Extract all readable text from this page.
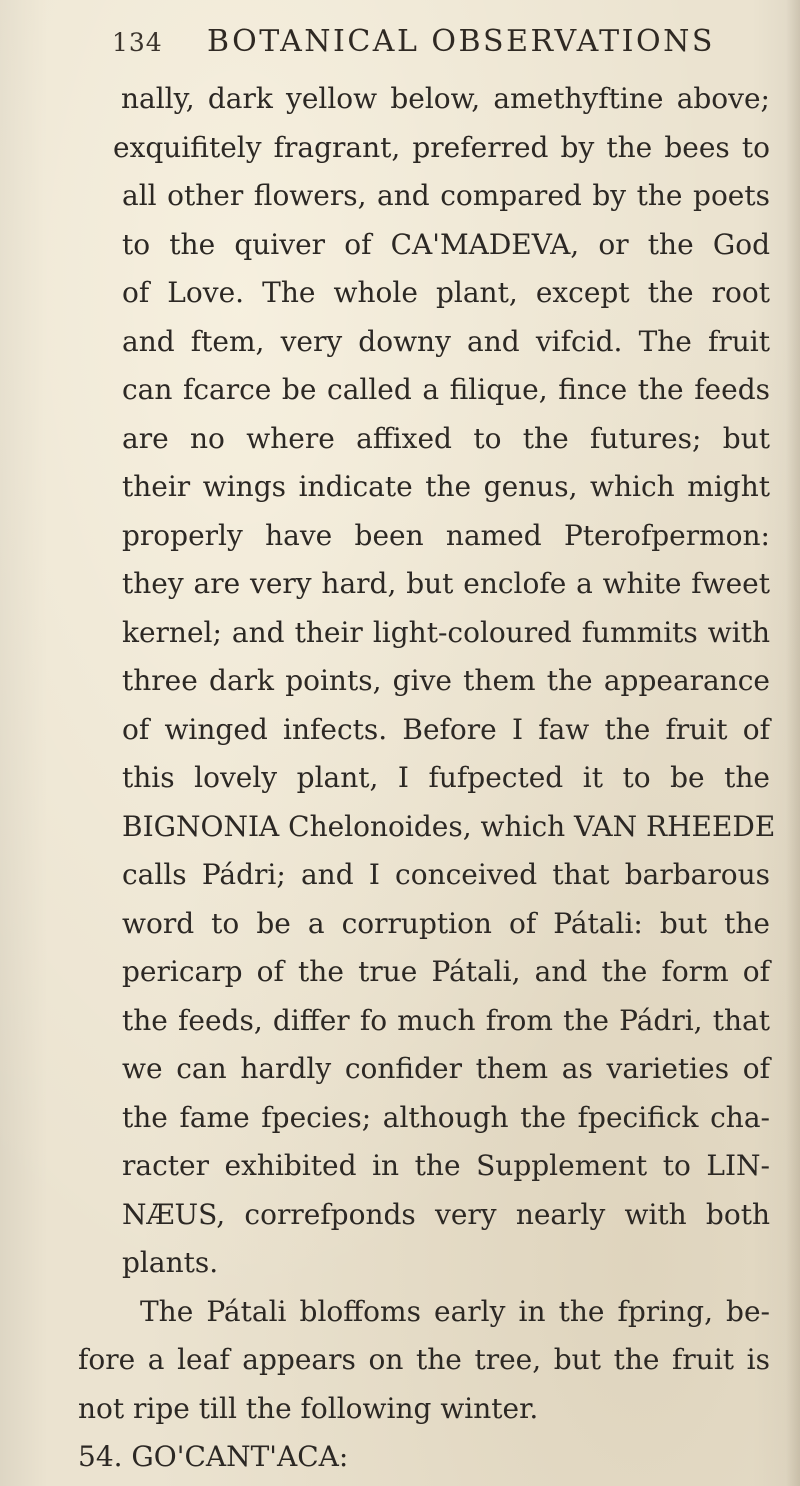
134 BOTANICAL OBSERVATIONS
nally, dark yellow below, amethyftine above;
exquifitely fragrant, preferred by the bees to
all other flowers, and compared by the poets
to the quiver of CA'MADEVA, or the God
of Love. The whole plant, except the root
and ftem, very downy and vifcid. The fruit
can fcarce be called a filique, fince the feeds
are no where affixed to the futures; but
their wings indicate the genus, which might
properly have been named Pterofpermon:
they are very hard, but enclofe a white fweet
kernel; and their light-coloured fummits with
three dark points, give them the appearance
of winged infects. Before I faw the fruit of
this lovely plant, I fufpected it to be the
BIGNONIA Chelonoides, which VAN RHEEDE
calls Pádri; and I conceived that barbarous
word to be a corruption of Pátali: but the
pericarp of the true Pátali, and the form of
the feeds, differ fo much from the Pádri, that
we can hardly confider them as varieties of
the fame fpecies; although the fpecifick cha-
racter exhibited in the Supplement to LIN-
NÆUS, correfponds very nearly with both
plants.
The Pátali bloffoms early in the fpring, be-
fore a leaf appears on the tree, but the fruit is
not ripe till the following winter.
54. GO'CANT'ACA:
